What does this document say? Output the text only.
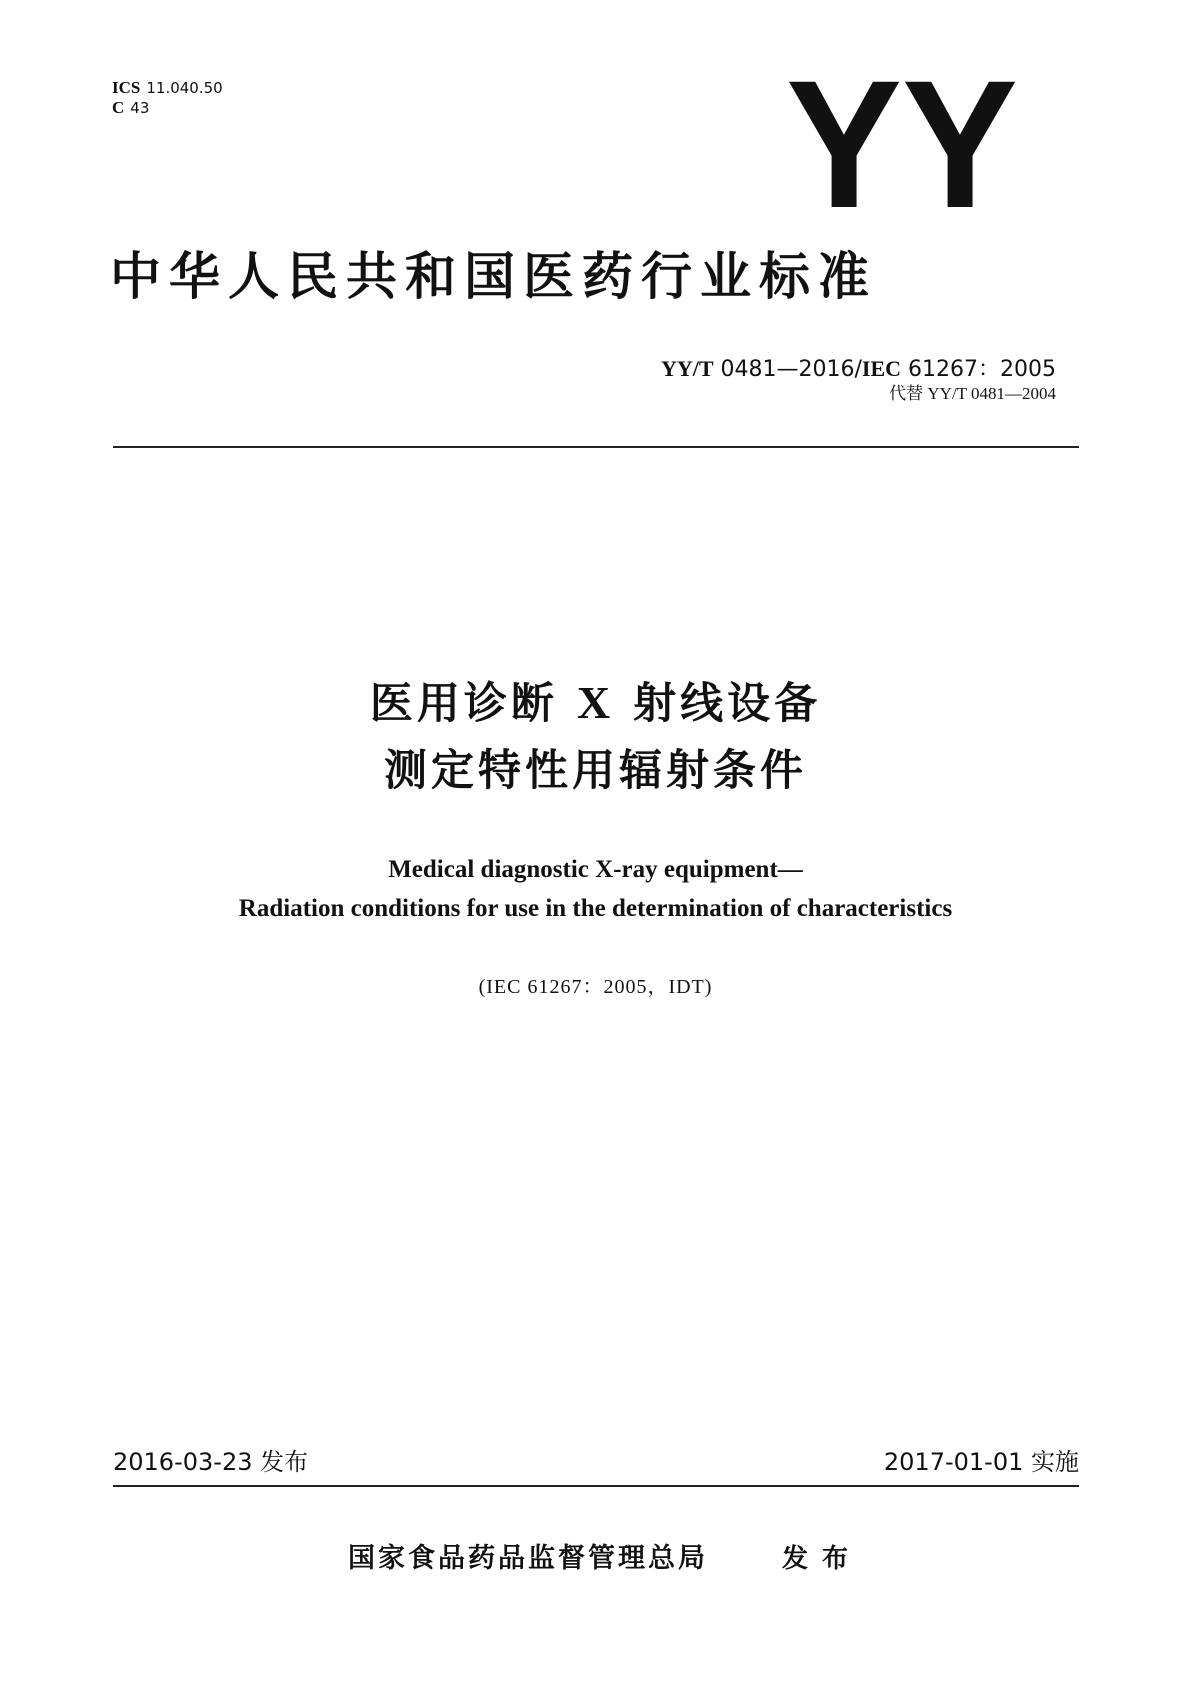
ICS 11.040.50
C 43	YY
中华人民共和国医药行业标准
YY/T 0481—2016/IEC 61267：2005
代替 YY/T 0481—2004
医用诊断 X 射线设备
测定特性用辐射条件
Medical diagnostic X-ray equipment—
Radiation conditions for use in the determination of characteristics
(IEC 61267：2005，IDT)
2016-03-23 发布	2017-01-01 实施
国家食品药品监督管理总局	发布
